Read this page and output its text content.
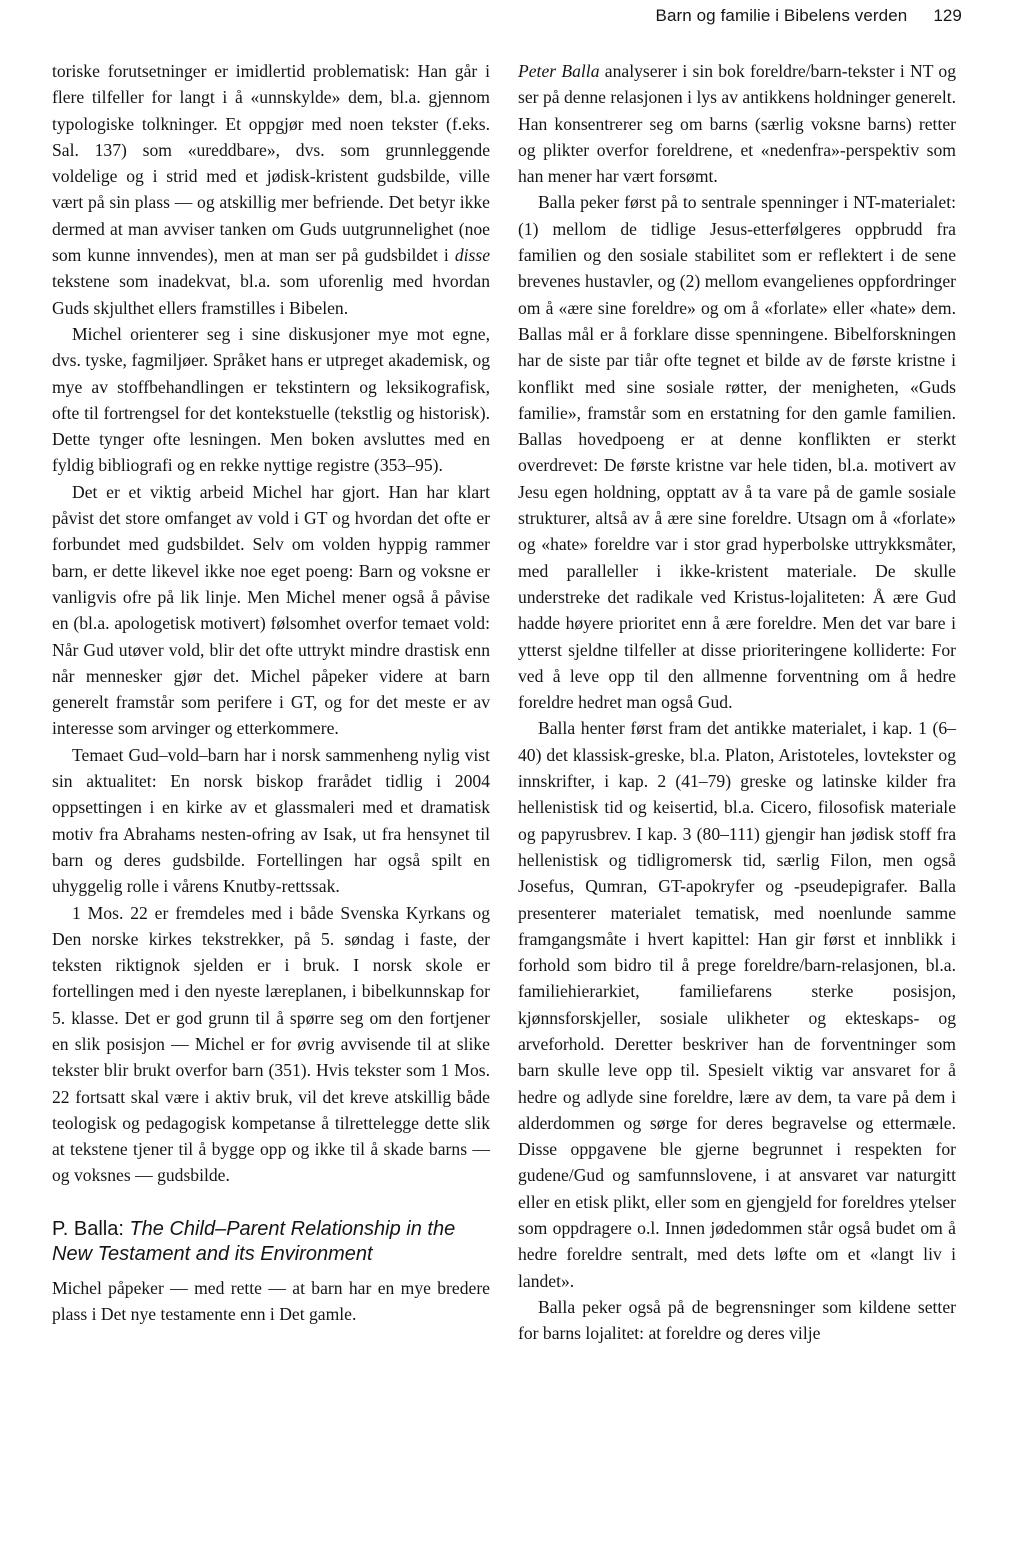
Barn og familie i Bibelens verden 129

toriske forutsetninger er imidlertid problematisk: Han går i flere tilfeller for langt i å «unnskylde» dem, bl.a. gjennom typologiske tolkninger. Et oppgjør med noen tekster (f.eks. Sal. 137) som «ureddbare», dvs. som grunnleggende voldelige og i strid med et jødisk-kristent gudsbilde, ville vært på sin plass — og atskillig mer befriende. Det betyr ikke dermed at man avviser tanken om Guds uutgrunnelighet (noe som kunne innvendes), men at man ser på gudsbildet i disse tekstene som inadekvat, bl.a. som uforenlig med hvordan Guds skjulthet ellers framstilles i Bibelen.

Michel orienterer seg i sine diskusjoner mye mot egne, dvs. tyske, fagmiljøer. Språket hans er utpreget akademisk, og mye av stoffbehandlingen er tekstintern og leksikografisk, ofte til fortrengsel for det kontekstuelle (tekstlig og historisk). Dette tynger ofte lesningen. Men boken avsluttes med en fyldig bibliografi og en rekke nyttige registre (353–95).

Det er et viktig arbeid Michel har gjort. Han har klart påvist det store omfanget av vold i GT og hvordan det ofte er forbundet med gudsbildet. Selv om volden hyppig rammer barn, er dette likevel ikke noe eget poeng: Barn og voksne er vanligvis ofre på lik linje. Men Michel mener også å påvise en (bl.a. apologetisk motivert) følsomhet overfor temaet vold: Når Gud utøver vold, blir det ofte uttrykt mindre drastisk enn når mennesker gjør det. Michel påpeker videre at barn generelt framstår som perifere i GT, og for det meste er av interesse som arvinger og etterkommere.

Temaet Gud–vold–barn har i norsk sammenheng nylig vist sin aktualitet: En norsk biskop frarådet tidlig i 2004 oppsettingen i en kirke av et glassmaleri med et dramatisk motiv fra Abrahams nesten-ofring av Isak, ut fra hensynet til barn og deres gudsbilde. Fortellingen har også spilt en uhyggelig rolle i vårens Knutby-rettssak.

1 Mos. 22 er fremdeles med i både Svenska Kyrkans og Den norske kirkes tekstrekker, på 5. søndag i faste, der teksten riktignok sjelden er i bruk. I norsk skole er fortellingen med i den nyeste læreplanen, i bibelkunnskap for 5. klasse. Det er god grunn til å spørre seg om den fortjener en slik posisjon — Michel er for øvrig avvisende til at slike tekster blir brukt overfor barn (351). Hvis tekster som 1 Mos. 22 fortsatt skal være i aktiv bruk, vil det kreve atskillig både teologisk og pedagogisk kompetanse å tilrettelegge dette slik at tekstene tjener til å bygge opp og ikke til å skade barns — og voksnes — gudsbilde.

P. Balla: The Child–Parent Relationship in the New Testament and its Environment

Michel påpeker — med rette — at barn har en mye bredere plass i Det nye testamente enn i Det gamle.

Peter Balla analyserer i sin bok foreldre/barn-tekster i NT og ser på denne relasjonen i lys av antikkens holdninger generelt. Han konsentrerer seg om barns (særlig voksne barns) retter og plikter overfor foreldrene, et «nedenfra»-perspektiv som han mener har vært forsømt.

Balla peker først på to sentrale spenninger i NT-materialet: (1) mellom de tidlige Jesus-etterfølgeres oppbrudd fra familien og den sosiale stabilitet som er reflektert i de sene brevenes hustavler, og (2) mellom evangelienes oppfordringer om å «ære sine foreldre» og om å «forlate» eller «hate» dem. Ballas mål er å forklare disse spenningene. Bibelforskningen har de siste par tiår ofte tegnet et bilde av de første kristne i konflikt med sine sosiale røtter, der menigheten, «Guds familie», framstår som en erstatning for den gamle familien. Ballas hovedpoeng er at denne konflikten er sterkt overdrevet: De første kristne var hele tiden, bl.a. motivert av Jesu egen holdning, opptatt av å ta vare på de gamle sosiale strukturer, altså av å ære sine foreldre. Utsagn om å «forlate» og «hate» foreldre var i stor grad hyperbolske uttrykksmåter, med paralleller i ikke-kristent materiale. De skulle understreke det radikale ved Kristus-lojaliteten: Å ære Gud hadde høyere prioritet enn å ære foreldre. Men det var bare i ytterst sjeldne tilfeller at disse prioriteringene kolliderte: For ved å leve opp til den allmenne forventning om å hedre foreldre hedret man også Gud.

Balla henter først fram det antikke materialet, i kap. 1 (6–40) det klassisk-greske, bl.a. Platon, Aristoteles, lovtekster og innskrifter, i kap. 2 (41–79) greske og latinske kilder fra hellenistisk tid og keisertid, bl.a. Cicero, filosofisk materiale og papyrusbrev. I kap. 3 (80–111) gjengir han jødisk stoff fra hellenistisk og tidligromersk tid, særlig Filon, men også Josefus, Qumran, GT-apokryfer og -pseudepigrafer. Balla presenterer materialet tematisk, med noenlunde samme framgangsmåte i hvert kapittel: Han gir først et innblikk i forhold som bidro til å prege foreldre/barn-relasjonen, bl.a. familiehierarkiet, familiefarens sterke posisjon, kjønnsforskjeller, sosiale ulikheter og ekteskaps- og arveforhold. Deretter beskriver han de forventninger som barn skulle leve opp til. Spesielt viktig var ansvaret for å hedre og adlyde sine foreldre, lære av dem, ta vare på dem i alderdommen og sørge for deres begravelse og ettermæle. Disse oppgavene ble gjerne begrunnet i respekten for gudene/Gud og samfunnslovene, i at ansvaret var naturgitt eller en etisk plikt, eller som en gjengjeld for foreldres ytelser som oppdragere o.l. Innen jødedommen står også budet om å hedre foreldre sentralt, med dets løfte om et «langt liv i landet».

Balla peker også på de begrensninger som kildene setter for barns lojalitet: at foreldre og deres vilje
